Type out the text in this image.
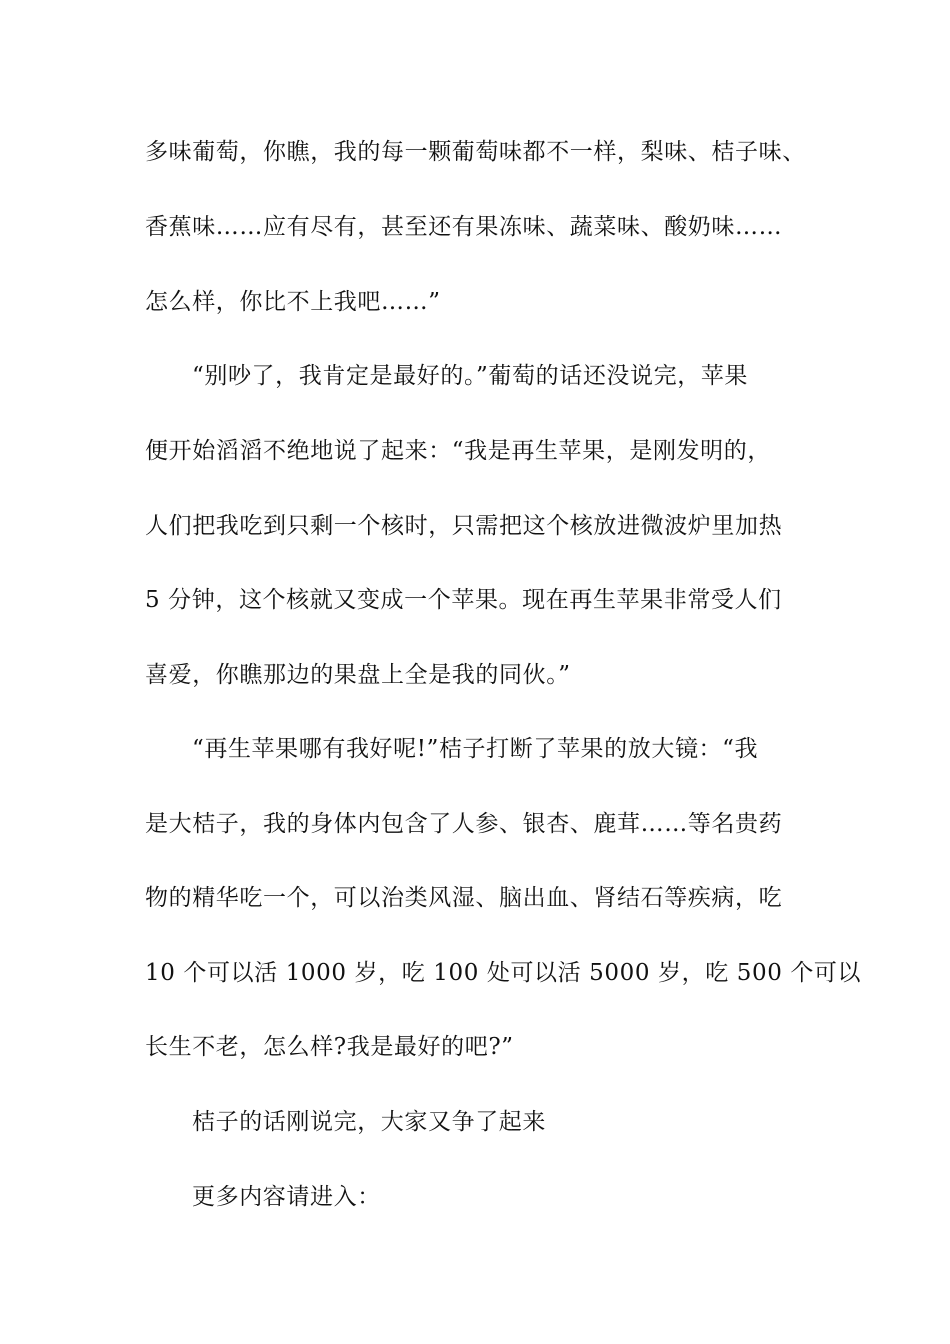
多味葡萄，你瞧，我的每一颗葡萄味都不一样，梨味、桔子味、
香蕉味……应有尽有，甚至还有果冻味、蔬菜味、酸奶味……
怎么样，你比不上我吧……”
“别吵了，我肯定是最好的。”葡萄的话还没说完，苹果
便开始滔滔不绝地说了起来：“我是再生苹果，是刚发明的，
人们把我吃到只剩一个核时，只需把这个核放进微波炉里加热
5 分钟，这个核就又变成一个苹果。现在再生苹果非常受人们
喜爱，你瞧那边的果盘上全是我的同伙。”
“再生苹果哪有我好呢!”桔子打断了苹果的放大镜：“我
是大桔子，我的身体内包含了人参、银杏、鹿茸……等名贵药
物的精华吃一个，可以治类风湿、脑出血、肾结石等疾病，吃
10 个可以活 1000 岁，吃 100 处可以活 5000 岁，吃 500 个可以
长生不老，怎么样?我是最好的吧?”
桔子的话刚说完，大家又争了起来
更多内容请进入：
